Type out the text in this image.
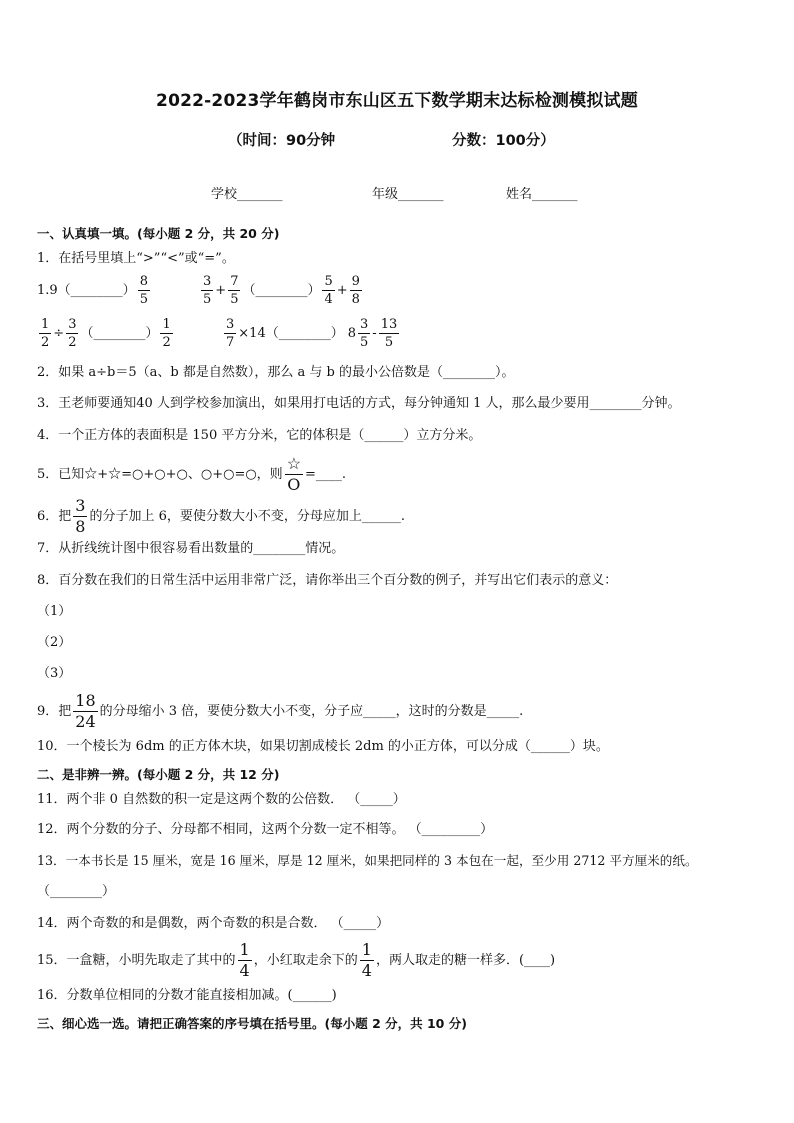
2022-2023学年鹤岗市东山区五下数学期末达标检测模拟试题
（时间：90分钟	分数：100分）
学校_______	年级_______	姓名_______
一、认真填一填。(每小题 2 分，共 20 分)
1．在括号里填上“>”“<”或“=”。
1.9（________） $\frac{8}{5}$	$\frac{3}{5} + \frac{7}{5}$ （________） $\frac{5}{4} + \frac{9}{8}$
$\frac{1}{2} \div \frac{3}{2}$ （________） $\frac{1}{2}$	$\frac{3}{7}$ ×14（________） $8 \frac{3}{5} - \frac{13}{5}$
2．如果 a÷b＝5（a、b 都是自然数），那么 a 与 b 的最小公倍数是（________）。
3．王老师要通知40 人到学校参加演出，如果用打电话的方式，每分钟通知 1 人，那么最少要用________分钟。
4．一个正方体的表面积是 150 平方分米，它的体积是（______）立方分米。
5．已知☆+☆=○+○+○、○+○=○，则 $\frac{☆}{O}$ =____.
6．把 $\frac{3}{8}$ 的分子加上 6，要使分数大小不变，分母应加上______.
7．从折线统计图中很容易看出数量的________情况。
8．百分数在我们的日常生活中运用非常广泛，请你举出三个百分数的例子，并写出它们表示的意义：
（1）
（2）
（3）
9．把 $\frac{18}{24}$ 的分母缩小 3 倍，要使分数大小不变，分子应_____，这时的分数是_____.
10．一个棱长为 6dm 的正方体木块，如果切割成棱长 2dm 的小正方体，可以分成（______）块。
二、是非辨一辨。(每小题 2 分，共 12 分)
11．两个非 0 自然数的积一定是这两个数的公倍数． （_____）
12．两个分数的分子、分母都不相同，这两个分数一定不相等。 （_________）
13．一本书长是 15 厘米，宽是 16 厘米，厚是 12 厘米，如果把同样的 3 本包在一起，至少用 2712 平方厘米的纸。
（________）
14．两个奇数的和是偶数，两个奇数的积是合数． （_____）
15．一盒糖，小明先取走了其中的 $\frac{1}{4}$ ，小红取走余下的 $\frac{1}{4}$ ，两人取走的糖一样多．(____)
16．分数单位相同的分数才能直接相加减。(______)
三、细心选一选。请把正确答案的序号填在括号里。(每小题 2 分，共 10 分)
